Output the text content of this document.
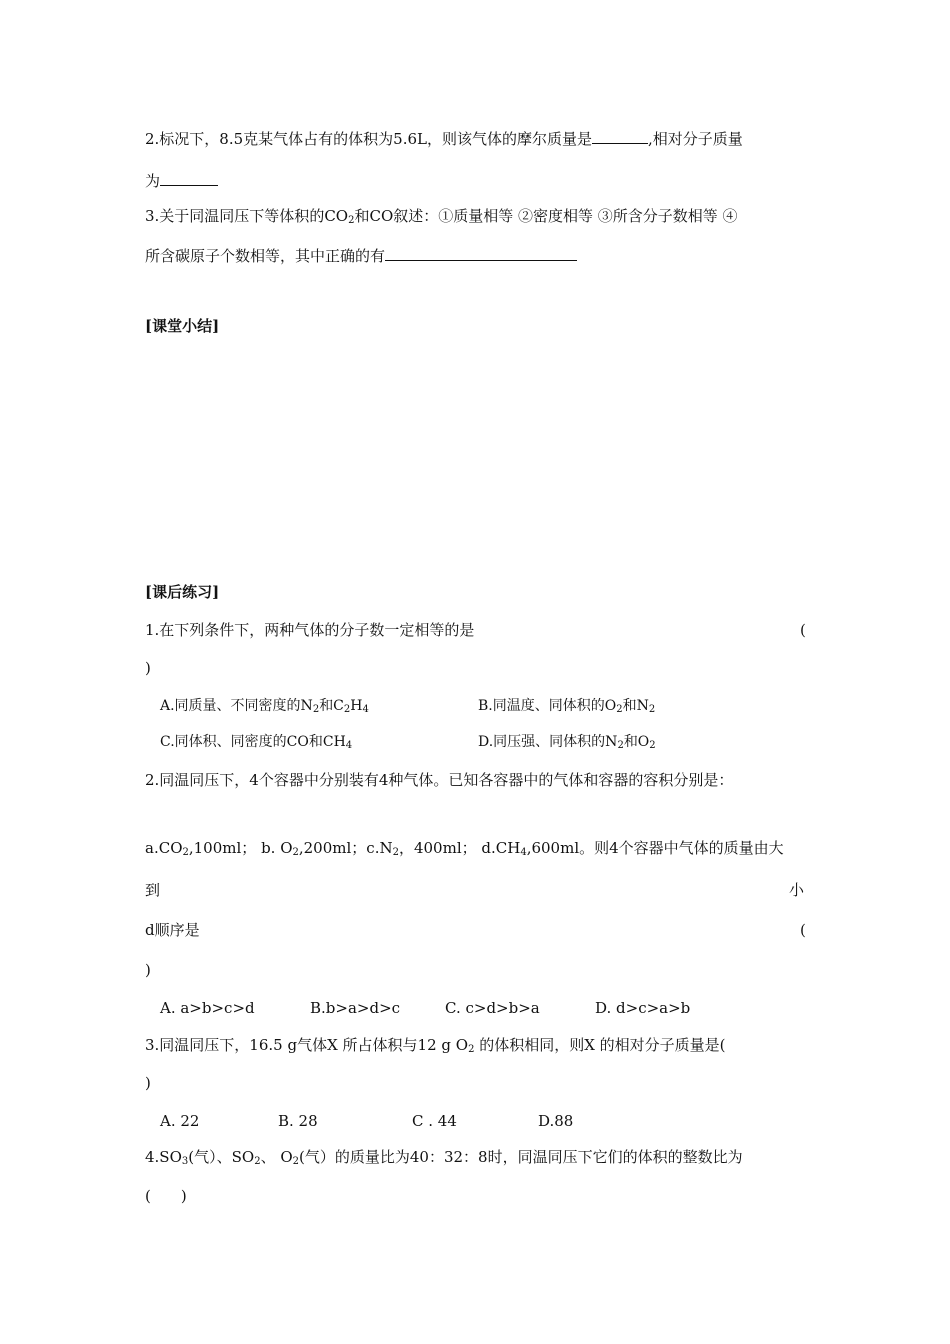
2.标况下，8.5克某气体占有的体积为5.6L，则该气体的摩尔质量是	,相对分子质量
为
3.关于同温同压下等体积的$CO_2$和CO叙述：①质量相等 ②密度相等 ③所含分子数相等 ④
所含碳原子个数相等，其中正确的有
[课堂小结]
[课后练习]
1.在下列条件下，两种气体的分子数一定相等的是	(
)
A.同质量、不同密度的$N_2$和$C_2H_4$	B.同温度、同体积的$O_2$和$N_2$
C.同体积、同密度的CO和$CH_4$	D.同压强、同体积的$N_2$和$O_2$
2.同温同压下，4个容器中分别装有4种气体。已知各容器中的气体和容器的容积分别是：
$a.CO_2,100ml$； b. $O_2,200ml$；$c.N_2$，400ml； $d.CH_4,600ml$。则4个容器中气体的质量由大
到	小
d顺序是	(
)
A. a>b>c>d	B.b>a>d>c	C. c>d>b>a	D. d>c>a>b
3.同温同压下，16.5 g气体X 所占体积与12 g $O_2$ 的体积相同，则X 的相对分子质量是(
)
A. 22	B. 28	C . 44	D.88
$4.SO_3$(气）、$SO_2$、 $O_2$(气）的质量比为40：32：8时，同温同压下它们的体积的整数比为
(　　)
